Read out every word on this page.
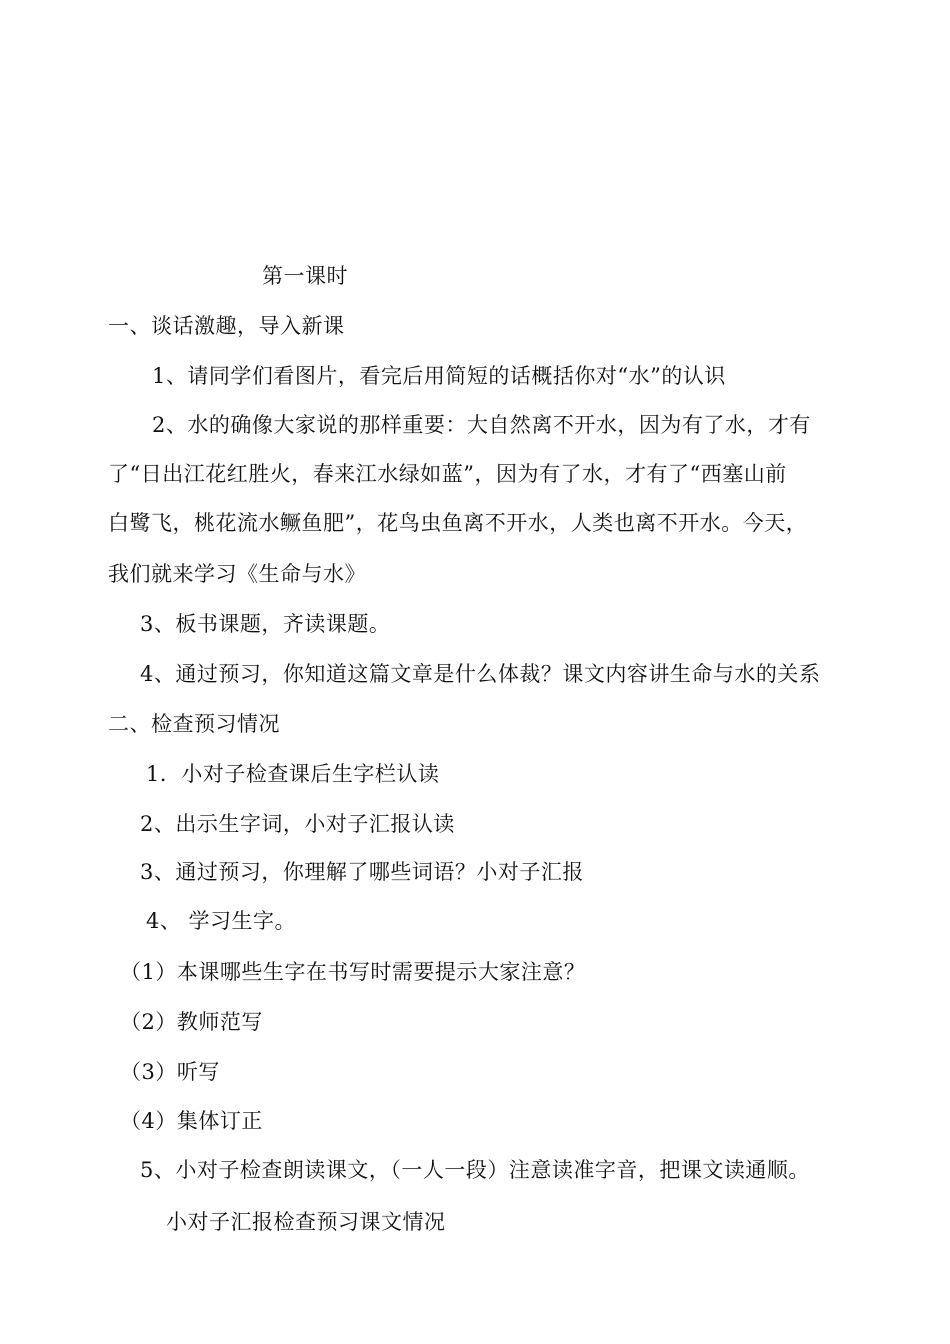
第一课时
一、谈话激趣，导入新课
1、请同学们看图片，看完后用简短的话概括你对“水”的认识
2、水的确像大家说的那样重要：大自然离不开水，因为有了水，才有
了“日出江花红胜火，春来江水绿如蓝”，因为有了水，才有了“西塞山前
白鹭飞，桃花流水鳜鱼肥”，花鸟虫鱼离不开水，人类也离不开水。今天，
我们就来学习《生命与水》
3、板书课题，齐读课题。
4、通过预习，你知道这篇文章是什么体裁？课文内容讲生命与水的关系
二、检查预习情况
1．小对子检查课后生字栏认读
2、出示生字词，小对子汇报认读
3、通过预习，你理解了哪些词语？小对子汇报
4、 学习生字。
（1）本课哪些生字在书写时需要提示大家注意？
（2）教师范写
（3）听写
（4）集体订正
5、小对子检查朗读课文，（一人一段）注意读准字音，把课文读通顺。
小对子汇报检查预习课文情况
